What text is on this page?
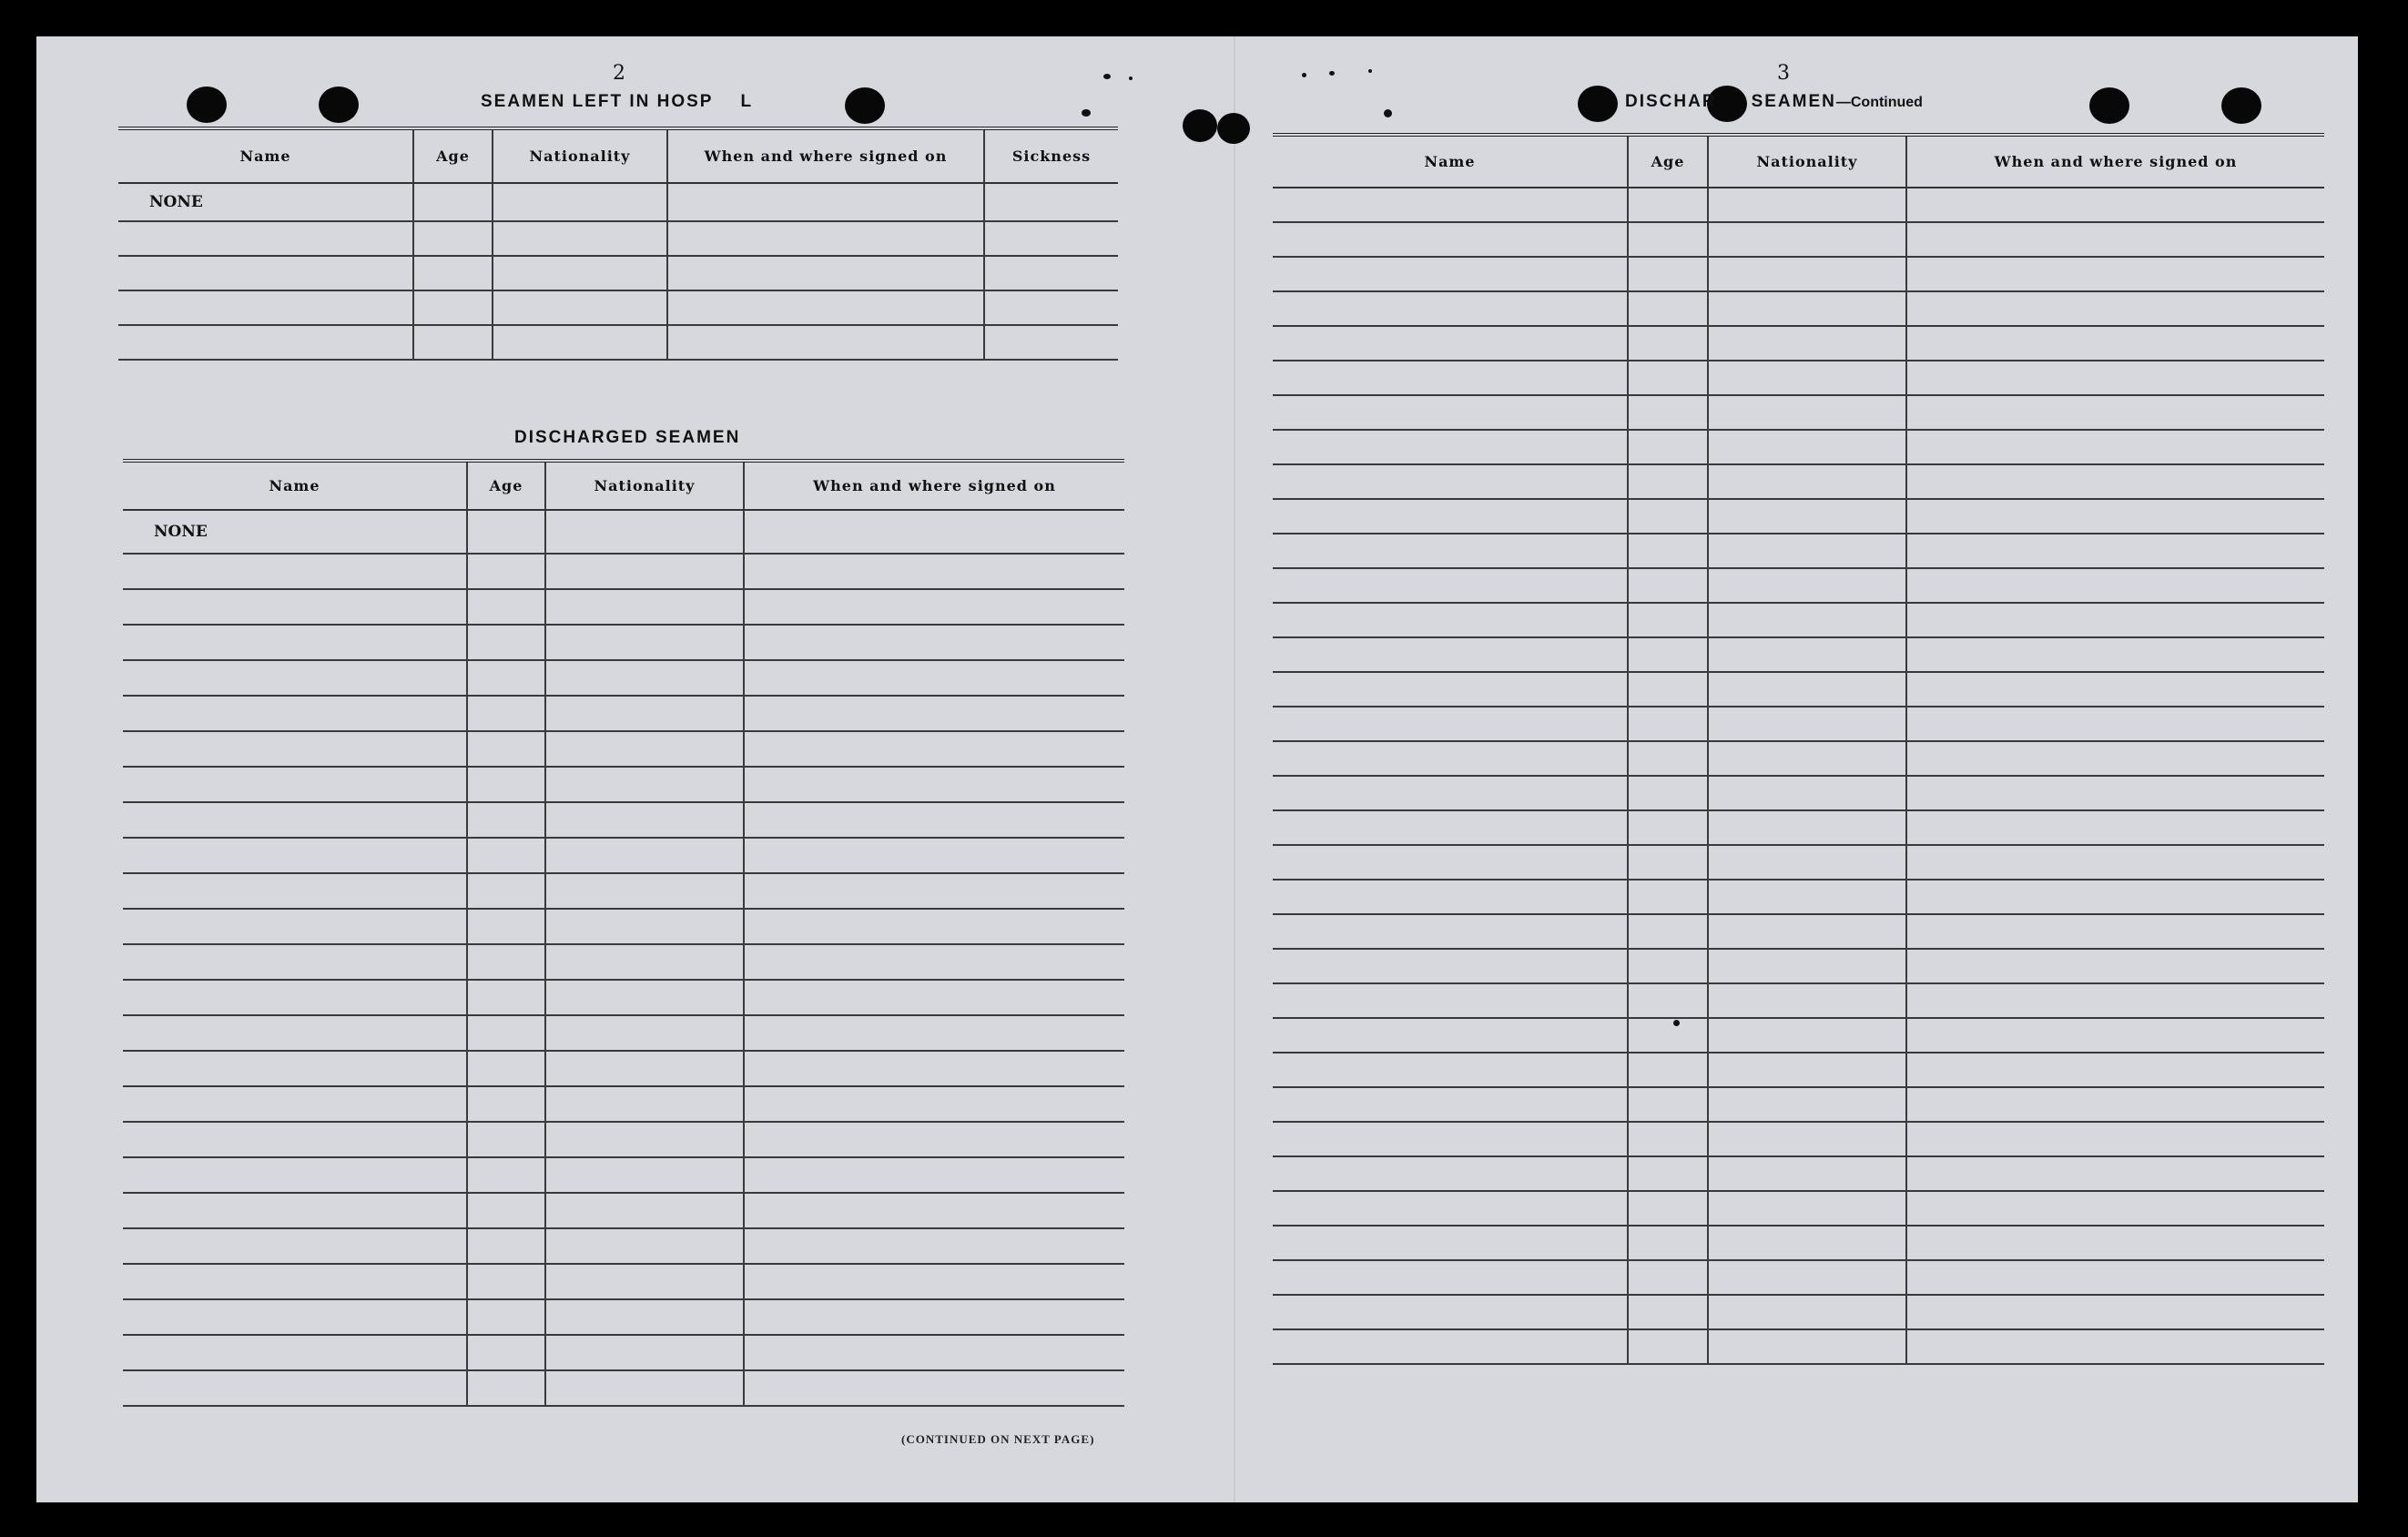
2
SEAMEN LEFT IN HOSP L
Name	Age	Nationality	When and where signed on	Sickness
NONE				

DISCHARGED SEAMEN
Name	Age	Nationality	When and where signed on
NONE			

(CONTINUED ON NEXT PAGE)
3
DISCHAR SEAMEN—Continued
Name	Age	Nationality	When and where signed on
